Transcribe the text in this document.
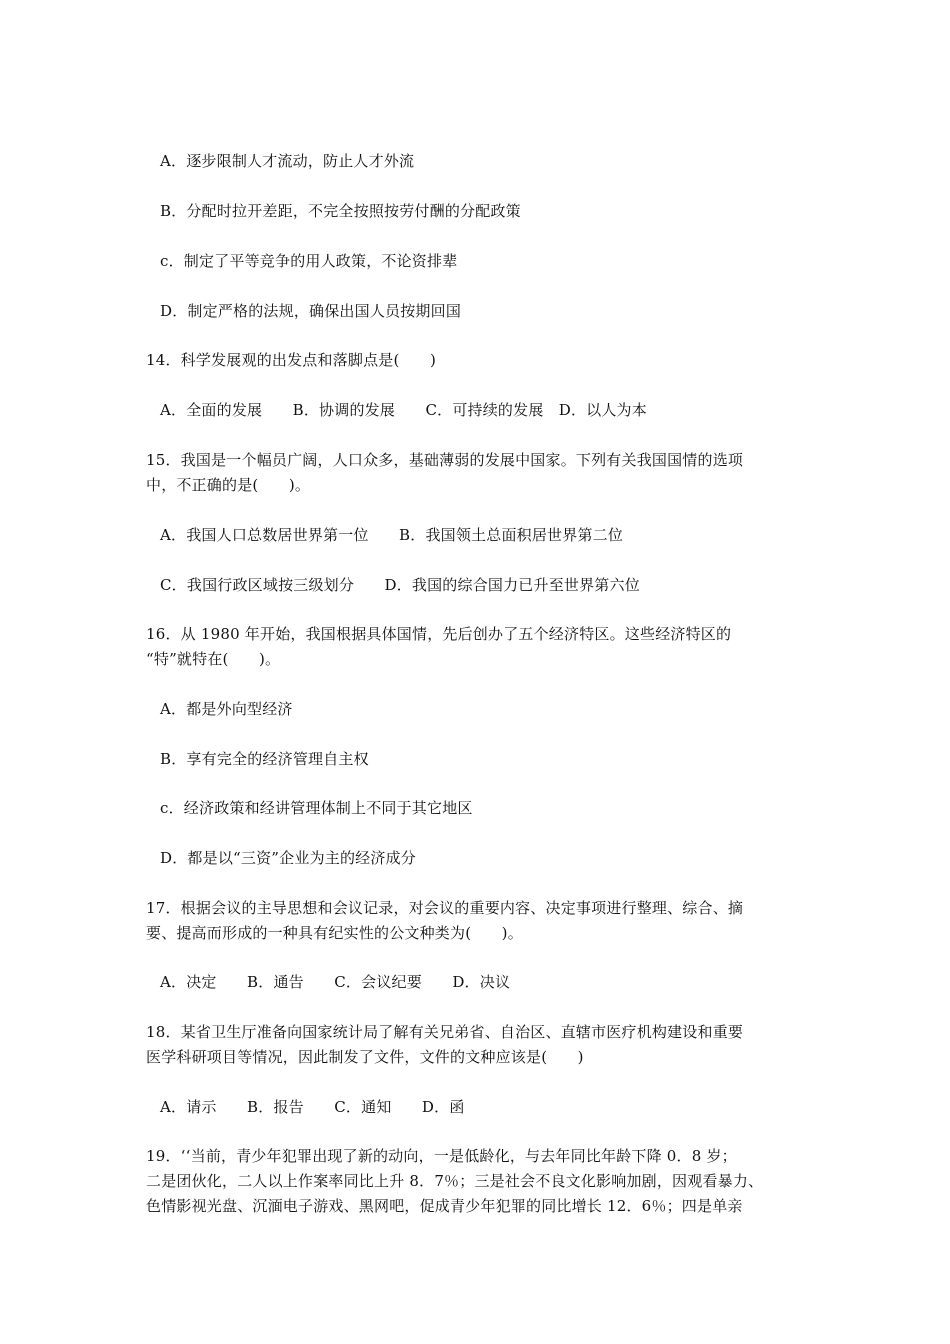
A．逐步限制人才流动，防止人才外流
B．分配时拉开差距，不完全按照按劳付酬的分配政策
c．制定了平等竞争的用人政策，不论资排辈
D．制定严格的法规，确保出国人员按期回国
14．科学发展观的出发点和落脚点是(　　)
A．全面的发展　　B．协调的发展　　C．可持续的发展　D．以人为本
15．我国是一个幅员广阔，人口众多，基础薄弱的发展中国家。下列有关我国国情的选项
中，不正确的是(　　)。
A．我国人口总数居世界第一位　　B．我国领土总面积居世界第二位
C．我国行政区域按三级划分　　D．我国的综合国力已升至世界第六位
16．从 1980 年开始，我国根据具体国情，先后创办了五个经济特区。这些经济特区的
“特”就特在(　　)。
A．都是外向型经济
B．享有完全的经济管理自主权
c．经济政策和经讲管理体制上不同于其它地区
D．都是以“三资”企业为主的经济成分
17．根据会议的主导思想和会议记录，对会议的重要内容、决定事项进行整理、综合、摘
要、提高而形成的一种具有纪实性的公文种类为(　　)。
A．决定　　B．通告　　C．会议纪要　　D．决议
18．某省卫生厅准备向国家统计局了解有关兄弟省、自治区、直辖市医疗机构建设和重要
医学科研项目等情况，因此制发了文件，文件的文种应该是(　　)
A．请示　　B．报告　　C．通知　　D．函
19．‘‘当前，青少年犯罪出现了新的动向，一是低龄化，与去年同比年龄下降 0．8 岁；
二是团伙化，二人以上作案率同比上升 8．7％；三是社会不良文化影响加剧，因观看暴力、
色情影视光盘、沉湎电子游戏、黑网吧，促成青少年犯罪的同比增长 12．6％；四是单亲
